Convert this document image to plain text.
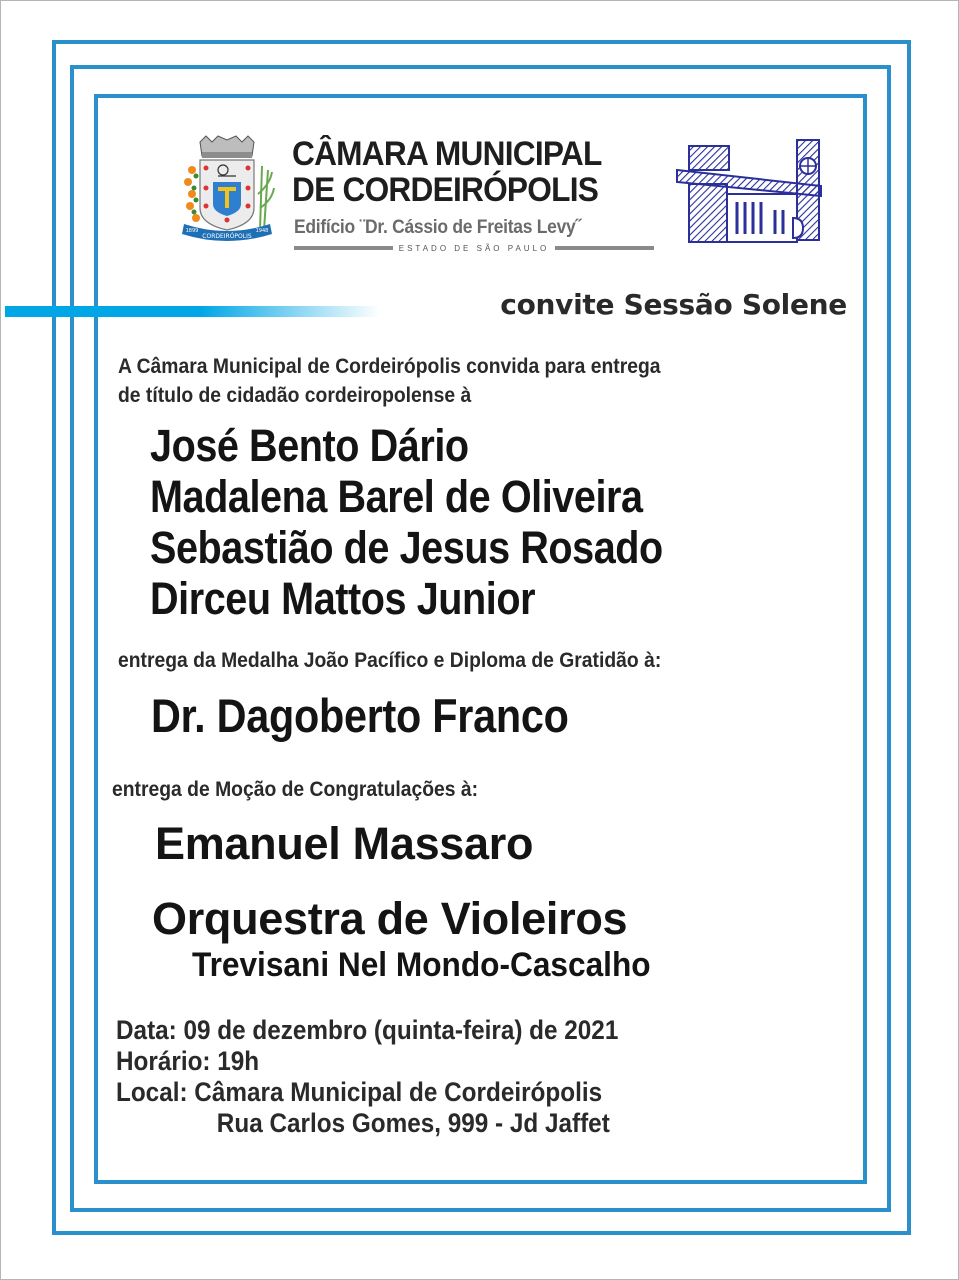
CORDEIRÓPOLIS
1899	1948
CÂMARA MUNICIPAL
DE CORDEIRÓPOLIS
Edifício ¨Dr. Cássio de Freitas Levy˝
ESTADO DE SÃO PAULO
convite Sessão Solene
A Câmara Municipal de Cordeirópolis convida para entrega
de título de cidadão cordeiropolense à
José Bento Dário
Madalena Barel de Oliveira
Sebastião de Jesus Rosado
Dirceu Mattos Junior
entrega da Medalha João Pacífico e Diploma de Gratidão à:
Dr. Dagoberto Franco
entrega de Moção de Congratulações à:
Emanuel Massaro
Orquestra de Violeiros
Trevisani Nel Mondo-Cascalho
Data: 09 de dezembro (quinta-feira) de 2021
Horário: 19h
Local: Câmara Municipal de Cordeirópolis
Rua Carlos Gomes, 999 - Jd Jaffet
